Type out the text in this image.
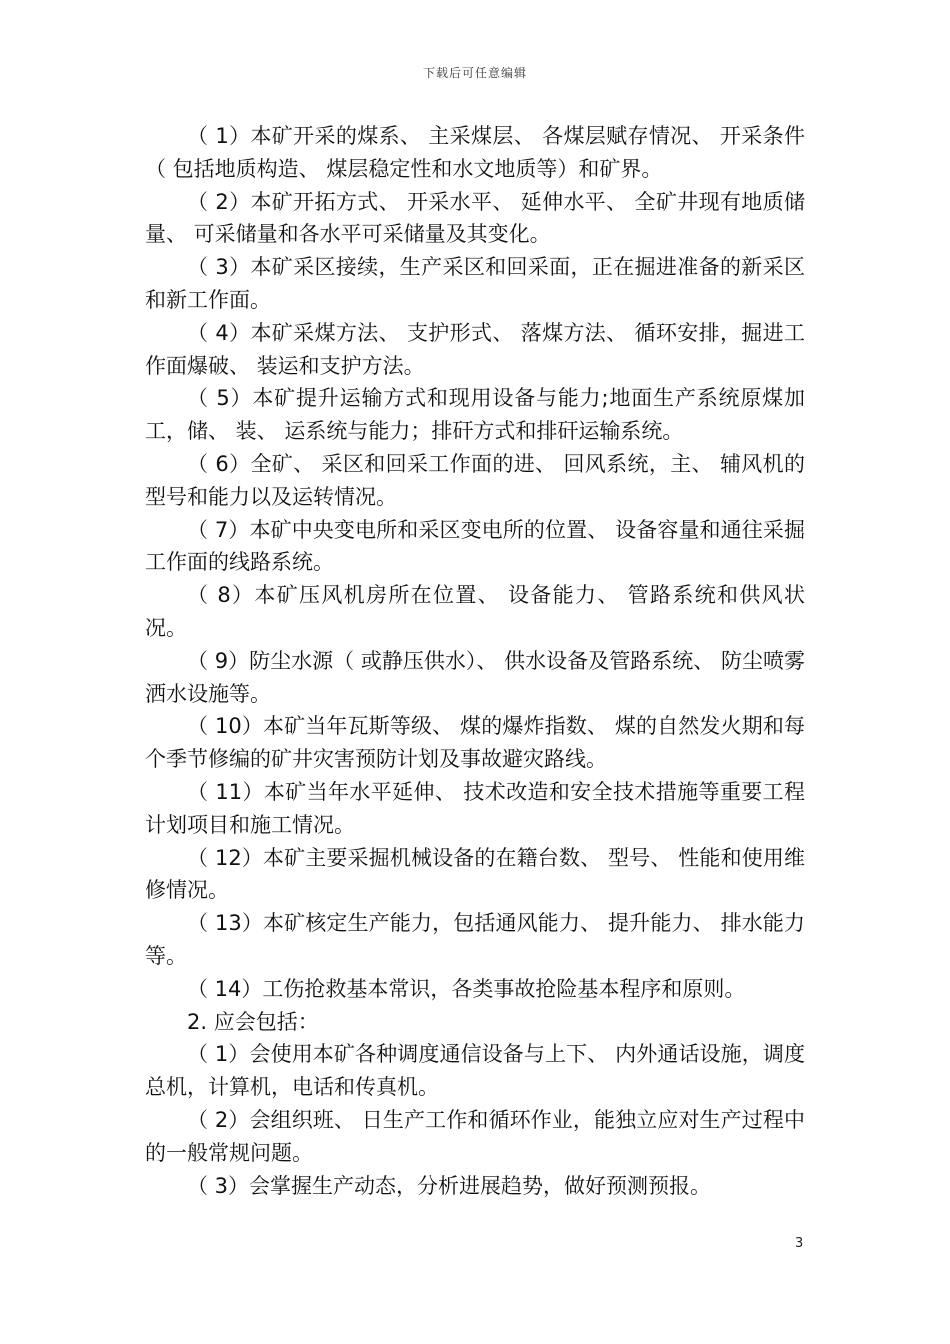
下载后可任意编辑

（ 1）本矿开采的煤系、 主采煤层、 各煤层赋存情况、 开采条件（ 包括地质构造、 煤层稳定性和水文地质等）和矿界。

（ 2）本矿开拓方式、 开采水平、 延伸水平、 全矿井现有地质储量、 可采储量和各水平可采储量及其变化。

（ 3）本矿采区接续，生产采区和回采面，正在掘进准备的新采区和新工作面。

（ 4）本矿采煤方法、 支护形式、 落煤方法、 循环安排，掘进工作面爆破、 装运和支护方法。

（ 5）本矿提升运输方式和现用设备与能力;地面生产系统原煤加工，储、 装、 运系统与能力；排矸方式和排矸运输系统。

（ 6）全矿、 采区和回采工作面的进、 回风系统，主、 辅风机的型号和能力以及运转情况。

（ 7）本矿中央变电所和采区变电所的位置、 设备容量和通往采掘工作面的线路系统。

（ 8）本矿压风机房所在位置、 设备能力、 管路系统和供风状况。

（ 9）防尘水源（ 或静压供水）、 供水设备及管路系统、 防尘喷雾洒水设施等。

（ 10）本矿当年瓦斯等级、 煤的爆炸指数、 煤的自然发火期和每个季节修编的矿井灾害预防计划及事故避灾路线。

（ 11）本矿当年水平延伸、 技术改造和安全技术措施等重要工程计划项目和施工情况。

（ 12）本矿主要采掘机械设备的在籍台数、 型号、 性能和使用维修情况。

（ 13）本矿核定生产能力，包括通风能力、 提升能力、 排水能力等。

（ 14）工伤抢救基本常识，各类事故抢险基本程序和原则。

2. 应会包括：

（ 1）会使用本矿各种调度通信设备与上下、 内外通话设施，调度总机，计算机，电话和传真机。

（ 2）会组织班、 日生产工作和循环作业，能独立应对生产过程中的一般常规问题。

（ 3）会掌握生产动态，分析进展趋势，做好预测预报。

3
